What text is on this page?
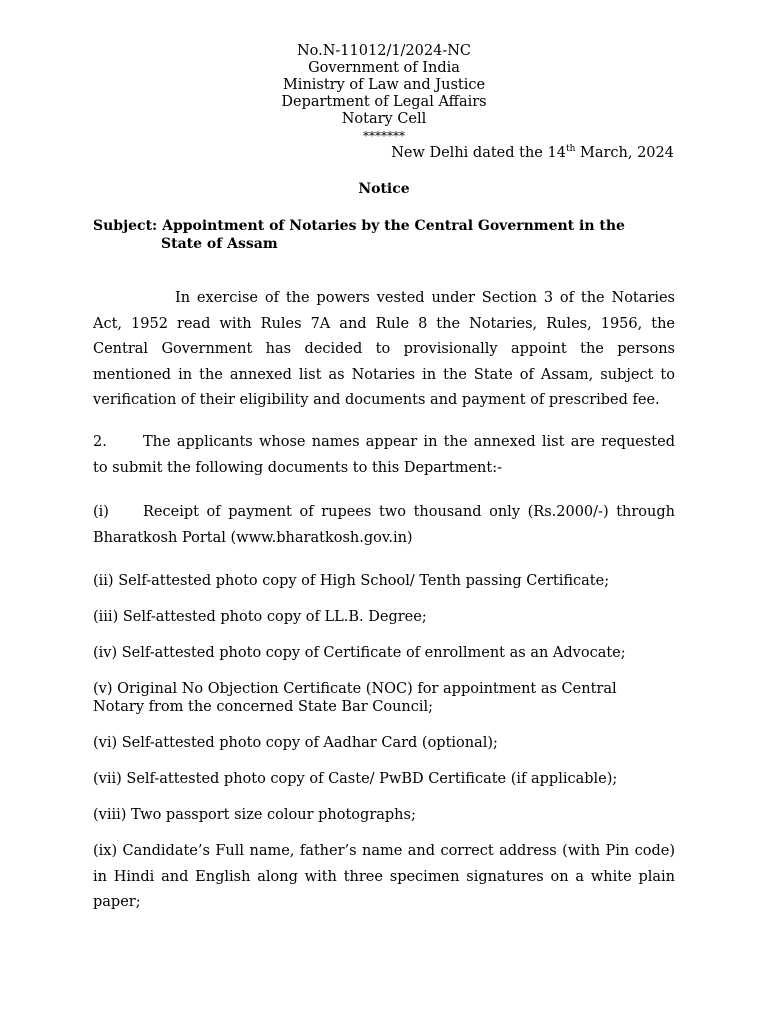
No.N-11012/1/2024-NC
Government of India
Ministry of Law and Justice
Department of Legal Affairs
Notary Cell
*******
New Delhi dated the 14th March, 2024
Notice
Subject: Appointment of Notaries by the Central Government in the
State of Assam
In exercise of the powers vested under Section 3 of the Notaries Act, 1952 read with Rules 7A and Rule 8 the Notaries, Rules, 1956, the Central Government has decided to provisionally appoint the persons mentioned in the annexed list as Notaries in the State of Assam, subject to verification of their eligibility and documents and payment of prescribed fee.
2. The applicants whose names appear in the annexed list are requested to submit the following documents to this Department:-
(i) Receipt of payment of rupees two thousand only (Rs.2000/-) through Bharatkosh Portal (www.bharatkosh.gov.in)
(ii) Self-attested photo copy of High School/ Tenth passing Certificate;
(iii) Self-attested photo copy of LL.B. Degree;
(iv) Self-attested photo copy of Certificate of enrollment as an Advocate;
(v) Original No Objection Certificate (NOC) for appointment as Central
Notary from the concerned State Bar Council;
(vi) Self-attested photo copy of Aadhar Card (optional);
(vii) Self-attested photo copy of Caste/ PwBD Certificate (if applicable);
(viii) Two passport size colour photographs;
(ix) Candidate’s Full name, father’s name and correct address (with Pin code) in Hindi and English along with three specimen signatures on a white plain paper;
